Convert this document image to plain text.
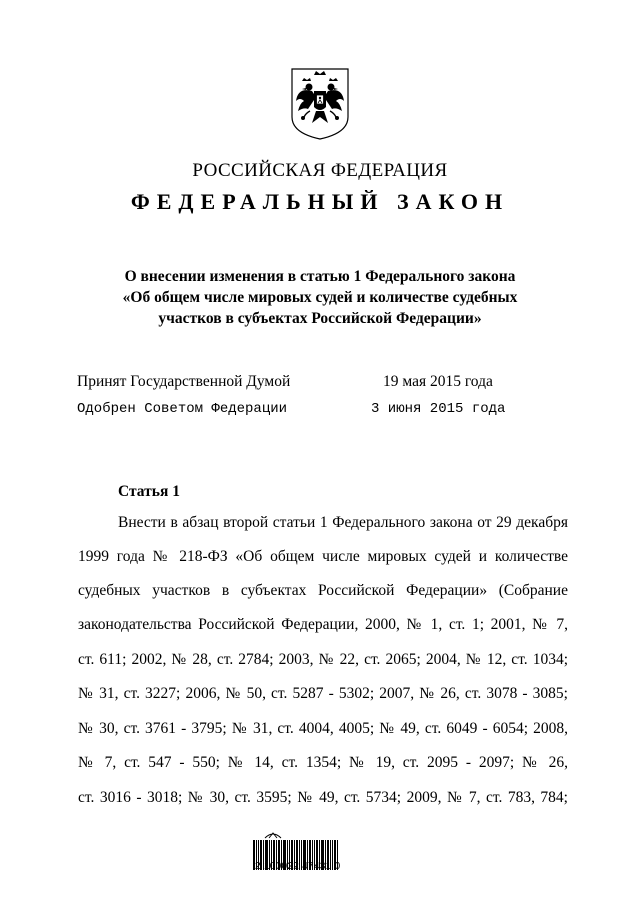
РОССИЙСКАЯ ФЕДЕРАЦИЯ
ФЕДЕРАЛЬНЫЙ ЗАКОН
О внесении изменения в статью 1 Федерального закона
«Об общем числе мировых судей и количестве судебных
участков в субъектах Российской Федерации»
Принят Государственной Думой	19 мая 2015 года
Одобрен Советом Федерации	3 июня 2015 года
Статья 1
Внести в абзац второй статьи 1 Федерального закона от 29 декабря
1999 года № 218-ФЗ «Об общем числе мировых судей и количестве
судебных участков в субъектах Российской Федерации» (Собрание
законодательства Российской Федерации, 2000, № 1, ст. 1; 2001, № 7,
ст. 611; 2002, № 28, ст. 2784; 2003, № 22, ст. 2065; 2004, № 12, ст. 1034;
№ 31, ст. 3227; 2006, № 50, ст. 5287 - 5302; 2007, № 26, ст. 3078 - 3085;
№ 30, ст. 3761 - 3795; № 31, ст. 4004, 4005; № 49, ст. 6049 - 6054; 2008,
№ 7, ст. 547 - 550; № 14, ст. 1354; № 19, ст. 2095 - 2097; № 26,
ст. 3016 - 3018; № 30, ст. 3595; № 49, ст. 5734; 2009, № 7, ст. 783, 784;
2 100022 47431 0
